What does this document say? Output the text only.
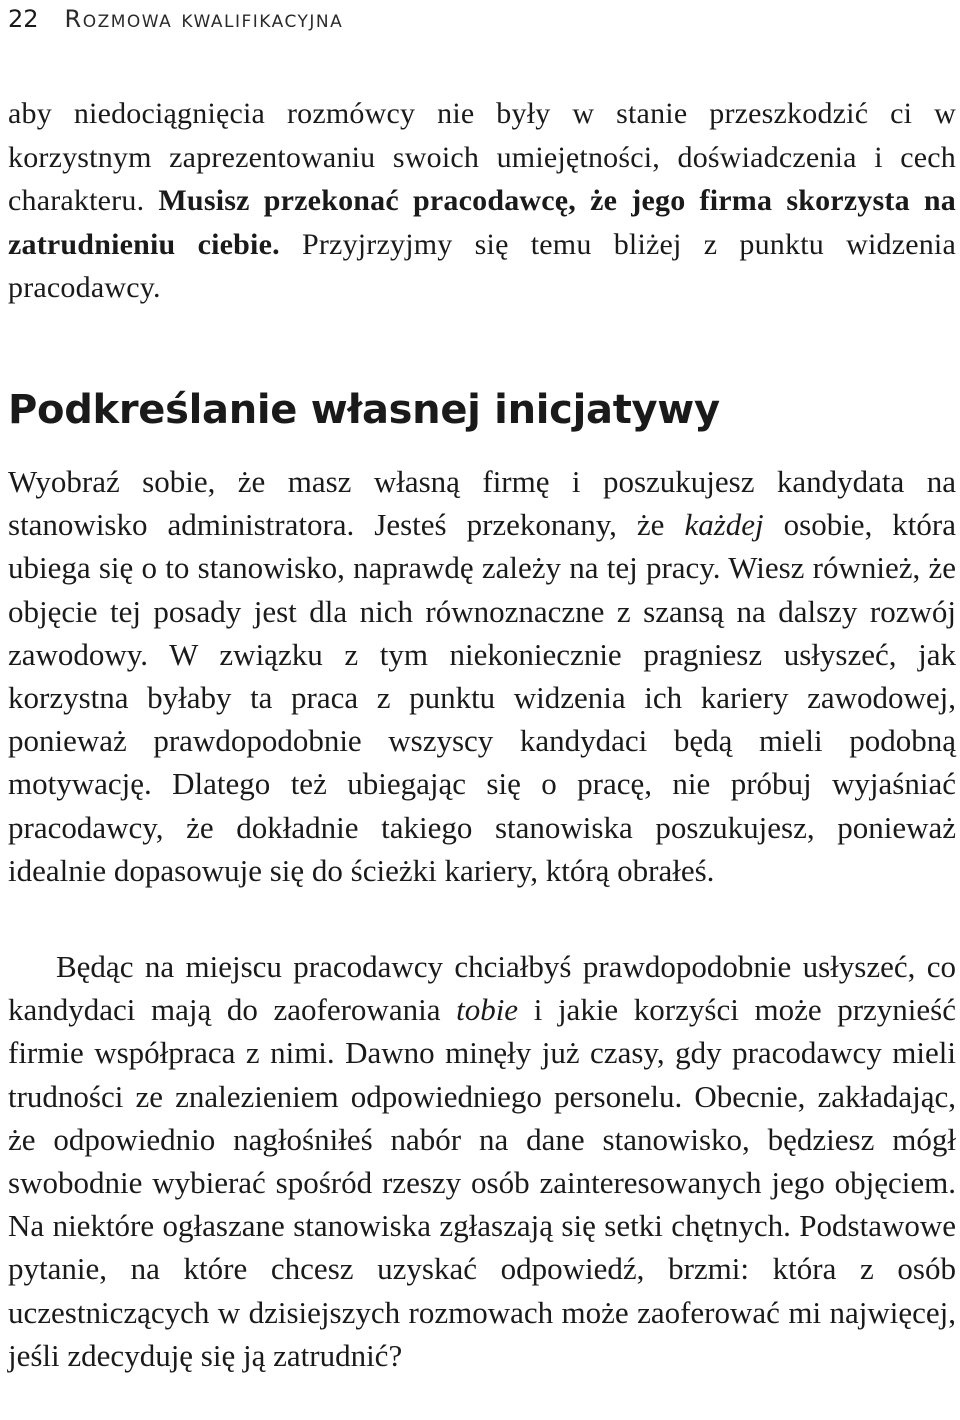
22 Rozmowa kwalifikacyjna

aby niedociągnięcia rozmówcy nie były w stanie przeszkodzić ci w korzystnym zaprezentowaniu swoich umiejętności, doświadczenia i cech charakteru. Musisz przekonać pracodawcę, że jego firma skorzysta na zatrudnieniu ciebie. Przyjrzyjmy się temu bliżej z punktu widzenia pracodawcy.

Podkreślanie własnej inicjatywy

Wyobraź sobie, że masz własną firmę i poszukujesz kandydata na stanowisko administratora. Jesteś przekonany, że każdej osobie, która ubiega się o to stanowisko, naprawdę zależy na tej pracy. Wiesz również, że objęcie tej posady jest dla nich równoznaczne z szansą na dalszy rozwój zawodowy. W związku z tym niekoniecznie pragniesz usłyszeć, jak korzystna byłaby ta praca z punktu widzenia ich kariery zawodowej, ponieważ prawdopodobnie wszyscy kandydaci będą mieli podobną motywację. Dlatego też ubiegając się o pracę, nie próbuj wyjaśniać pracodawcy, że dokładnie takiego stanowiska poszukujesz, ponieważ idealnie dopasowuje się do ścieżki kariery, którą obrałeś.

Będąc na miejscu pracodawcy chciałbyś prawdopodobnie usłyszeć, co kandydaci mają do zaoferowania tobie i jakie korzyści może przynieść firmie współpraca z nimi. Dawno minęły już czasy, gdy pracodawcy mieli trudności ze znalezieniem odpowiedniego personelu. Obecnie, zakładając, że odpowiednio nagłośniłeś nabór na dane stanowisko, będziesz mógł swobodnie wybierać spośród rzeszy osób zainteresowanych jego objęciem. Na niektóre ogłaszane stanowiska zgłaszają się setki chętnych. Podstawowe pytanie, na które chcesz uzyskać odpowiedź, brzmi: która z osób uczestniczących w dzisiejszych rozmowach może zaoferować mi najwięcej, jeśli zdecyduję się ją zatrudnić?
